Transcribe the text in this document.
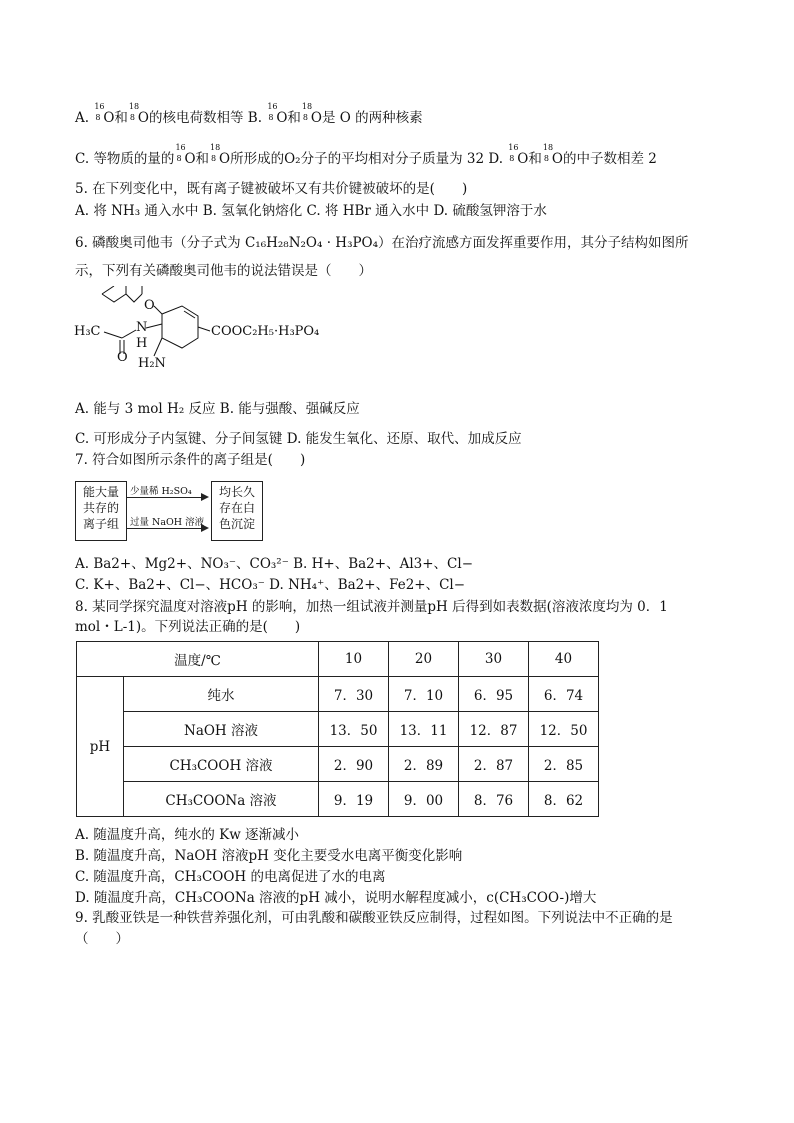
A.
16
8 O和
18
8 O的核电荷数相等 B.
16
8 O和
18
8 O是 O 的两种核素
C. 等物质的量的
16
8 O和
18
8 O所形成的O₂分子的平均相对分子质量为 32 D.
16
8 O和
18
8 O的中子数相差 2
5. 在下列变化中，既有离子键被破坏又有共价键被破坏的是(　　)
A. 将 NH₃ 通入水中 B. 氢氧化钠熔化 C. 将 HBr 通入水中 D. 硫酸氢钾溶于水
6. 磷酸奥司他韦（分子式为 C₁₆H₂₈N₂O₄ · H₃PO₄）在治疗流感方面发挥重要作用，其分子结构如图所
示，下列有关磷酸奥司他韦的说法错误是（　　）
O
H₃C	N
H
O
COOC₂H₅·H₃PO₄
H₂N
A. 能与 3 mol H₂ 反应 B. 能与强酸、强碱反应
C. 可形成分子内氢键、分子间氢键 D. 能发生氧化、还原、取代、加成反应
7. 符合如图所示条件的离子组是(　　)
能大量
共存的
离子组
少量稀 H₂SO₄
过量 NaOH 溶液
均长久
存在白
色沉淀
A. Ba2+、Mg2+、NO₃⁻、CO₃²⁻ B. H+、Ba2+、Al3+、Cl−
C. K+、Ba2+、Cl−、HCO₃⁻ D. NH₄⁺、Ba2+、Fe2+、Cl−
8. 某同学探究温度对溶液pH 的影响，加热一组试液并测量pH 后得到如表数据(溶液浓度均为 0．1
mol・L-1)。下列说法正确的是(　　)
温度/℃		10	20	30	40
pH	纯水	7．30	7．10	6．95	6．74
	NaOH 溶液	13．50	13．11	12．87	12．50
	CH₃COOH 溶液	2．90	2．89	2．87	2．85
	CH₃COONa 溶液	9．19	9．00	8．76	8．62
A. 随温度升高，纯水的 Kw 逐渐减小
B. 随温度升高，NaOH 溶液pH 变化主要受水电离平衡变化影响
C. 随温度升高，CH₃COOH 的电离促进了水的电离
D. 随温度升高，CH₃COONa 溶液的pH 减小，说明水解程度减小，c(CH₃COO-)增大
9. 乳酸亚铁是一种铁营养强化剂，可由乳酸和碳酸亚铁反应制得，过程如图。下列说法中不正确的是
（　　）
